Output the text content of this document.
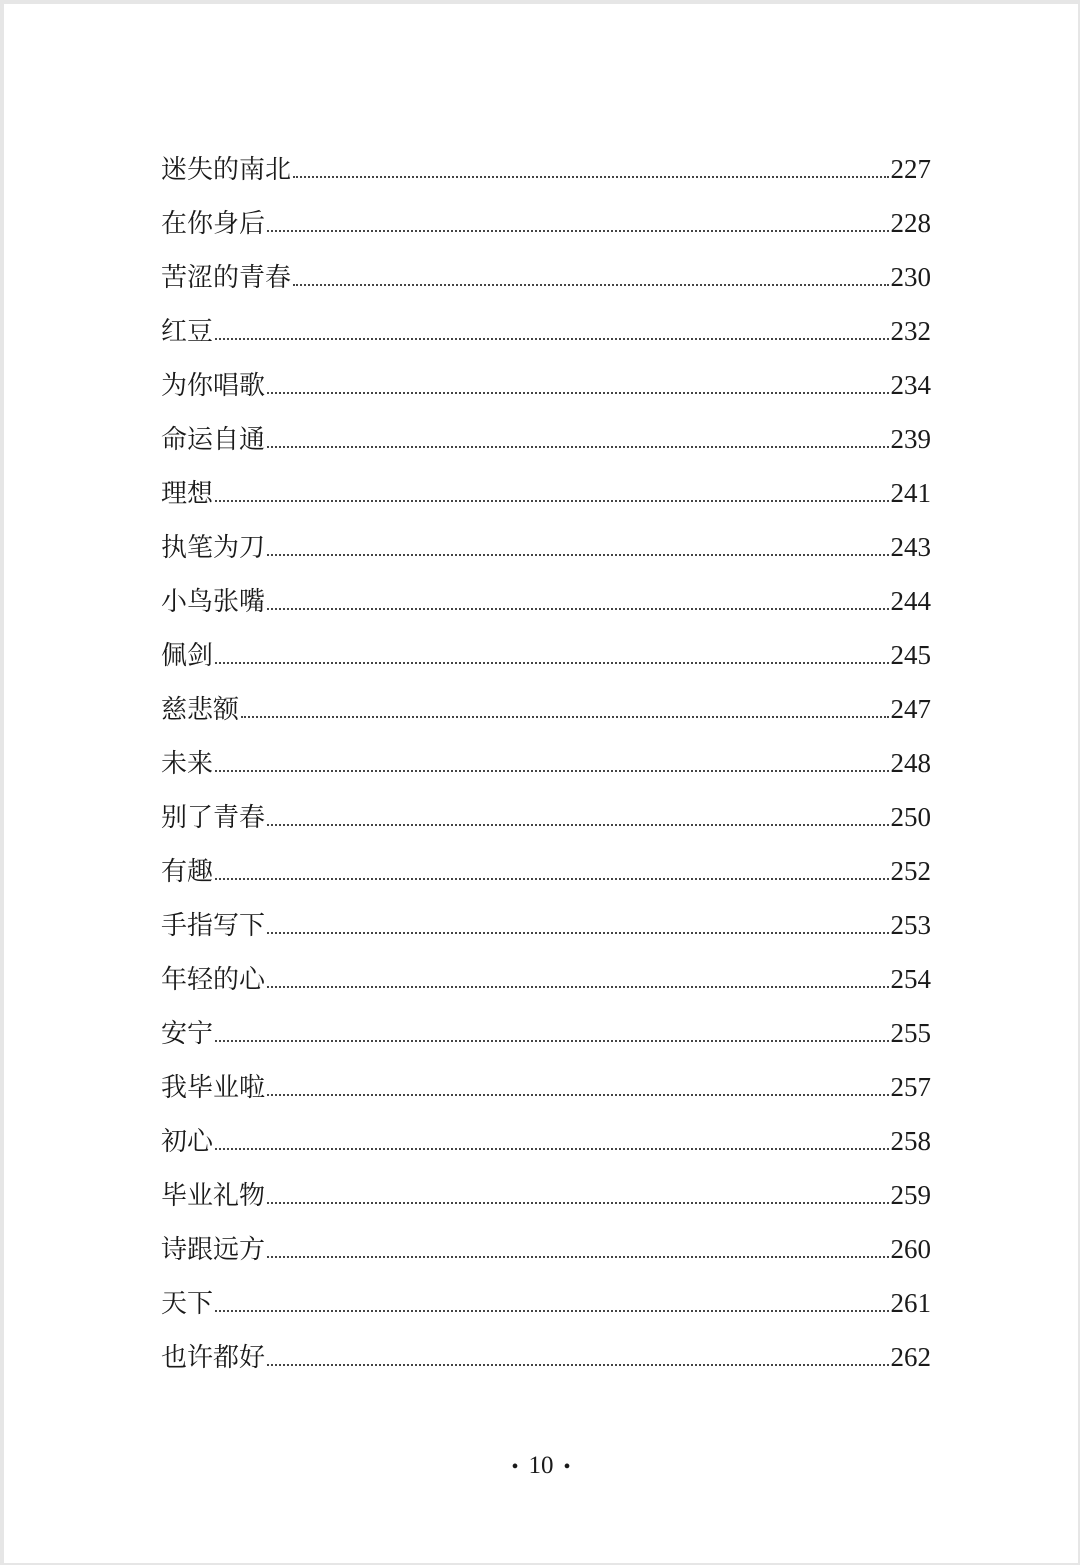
迷失的南北	227
在你身后	228
苦涩的青春	230
红豆	232
为你唱歌	234
命运自通	239
理想	241
执笔为刀	243
小鸟张嘴	244
佩剑	245
慈悲额	247
未来	248
别了青春	250
有趣	252
手指写下	253
年轻的心	254
安宁	255
我毕业啦	257
初心	258
毕业礼物	259
诗跟远方	260
天下	261
也许都好	262
• 10 •
